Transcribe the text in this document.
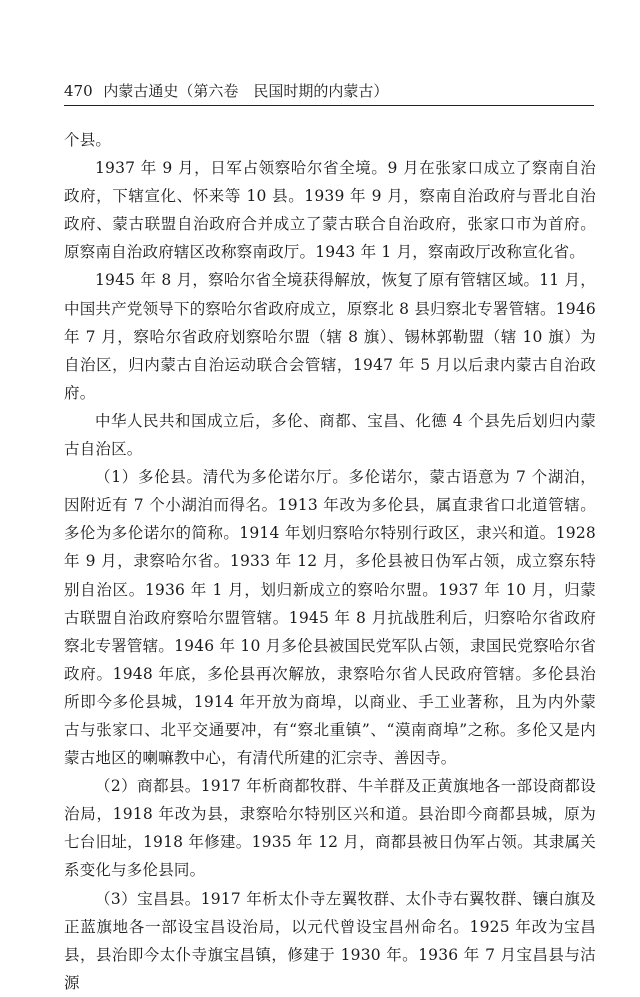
470 内蒙古通史（第六卷　民国时期的内蒙古）

个县。

1937 年 9 月，日军占领察哈尔省全境。9 月在张家口成立了察南自治政府，下辖宣化、怀来等 10 县。1939 年 9 月，察南自治政府与晋北自治政府、蒙古联盟自治政府合并成立了蒙古联合自治政府，张家口市为首府。原察南自治政府辖区改称察南政厅。1943 年 1 月，察南政厅改称宣化省。

1945 年 8 月，察哈尔省全境获得解放，恢复了原有管辖区域。11 月，中国共产党领导下的察哈尔省政府成立，原察北 8 县归察北专署管辖。1946 年 7 月，察哈尔省政府划察哈尔盟（辖 8 旗）、锡林郭勒盟（辖 10 旗）为自治区，归内蒙古自治运动联合会管辖，1947 年 5 月以后隶内蒙古自治政府。

中华人民共和国成立后，多伦、商都、宝昌、化德 4 个县先后划归内蒙古自治区。

（1）多伦县。清代为多伦诺尔厅。多伦诺尔，蒙古语意为 7 个湖泊，因附近有 7 个小湖泊而得名。1913 年改为多伦县，属直隶省口北道管辖。多伦为多伦诺尔的简称。1914 年划归察哈尔特别行政区，隶兴和道。1928 年 9 月，隶察哈尔省。1933 年 12 月，多伦县被日伪军占领，成立察东特别自治区。1936 年 1 月，划归新成立的察哈尔盟。1937 年 10 月，归蒙古联盟自治政府察哈尔盟管辖。1945 年 8 月抗战胜利后，归察哈尔省政府察北专署管辖。1946 年 10 月多伦县被国民党军队占领，隶国民党察哈尔省政府。1948 年底，多伦县再次解放，隶察哈尔省人民政府管辖。多伦县治所即今多伦县城，1914 年开放为商埠，以商业、手工业著称，且为内外蒙古与张家口、北平交通要冲，有“察北重镇”、“漠南商埠”之称。多伦又是内蒙古地区的喇嘛教中心，有清代所建的汇宗寺、善因寺。

（2）商都县。1917 年析商都牧群、牛羊群及正黄旗地各一部设商都设治局，1918 年改为县，隶察哈尔特别区兴和道。县治即今商都县城，原为七台旧址，1918 年修建。1935 年 12 月，商都县被日伪军占领。其隶属关系变化与多伦县同。

（3）宝昌县。1917 年析太仆寺左翼牧群、太仆寺右翼牧群、镶白旗及正蓝旗地各一部设宝昌设治局，以元代曾设宝昌州命名。1925 年改为宝昌县，县治即今太仆寺旗宝昌镇，修建于 1930 年。1936 年 7 月宝昌县与沽源
